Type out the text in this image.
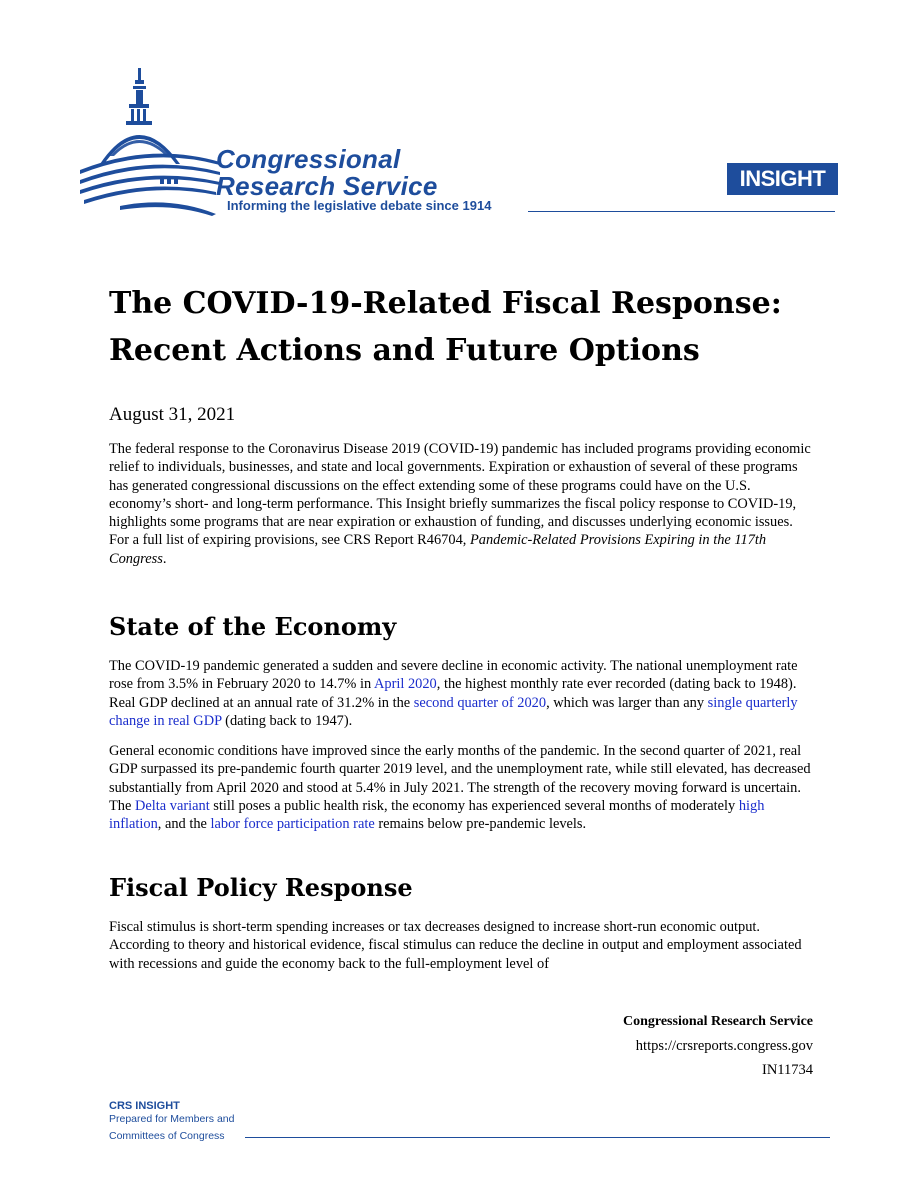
Congressional
Research Service
Informing the legislative debate since 1914
INSIGHT
The COVID-19-Related Fiscal Response:
Recent Actions and Future Options
August 31, 2021

The federal response to the Coronavirus Disease 2019 (COVID-19) pandemic has included programs providing economic relief to individuals, businesses, and state and local governments. Expiration or exhaustion of several of these programs has generated congressional discussions on the effect extending some of these programs could have on the U.S. economy’s short- and long-term performance. This Insight briefly summarizes the fiscal policy response to COVID-19, highlights some programs that are near expiration or exhaustion of funding, and discusses underlying economic issues. For a full list of expiring provisions, see CRS Report R46704, Pandemic-Related Provisions Expiring in the 117th Congress.

State of the Economy

The COVID-19 pandemic generated a sudden and severe decline in economic activity. The national unemployment rate rose from 3.5% in February 2020 to 14.7% in April 2020, the highest monthly rate ever recorded (dating back to 1948). Real GDP declined at an annual rate of 31.2% in the second quarter of 2020, which was larger than any single quarterly change in real GDP (dating back to 1947).

General economic conditions have improved since the early months of the pandemic. In the second quarter of 2021, real GDP surpassed its pre-pandemic fourth quarter 2019 level, and the unemployment rate, while still elevated, has decreased substantially from April 2020 and stood at 5.4% in July 2021. The strength of the recovery moving forward is uncertain. The Delta variant still poses a public health risk, the economy has experienced several months of moderately high inflation, and the labor force participation rate remains below pre-pandemic levels.

Fiscal Policy Response

Fiscal stimulus is short-term spending increases or tax decreases designed to increase short-run economic output. According to theory and historical evidence, fiscal stimulus can reduce the decline in output and employment associated with recessions and guide the economy back to the full-employment level of

Congressional Research Service
https://crsreports.congress.gov
IN11734
CRS INSIGHT
Prepared for Members and
Committees of Congress
